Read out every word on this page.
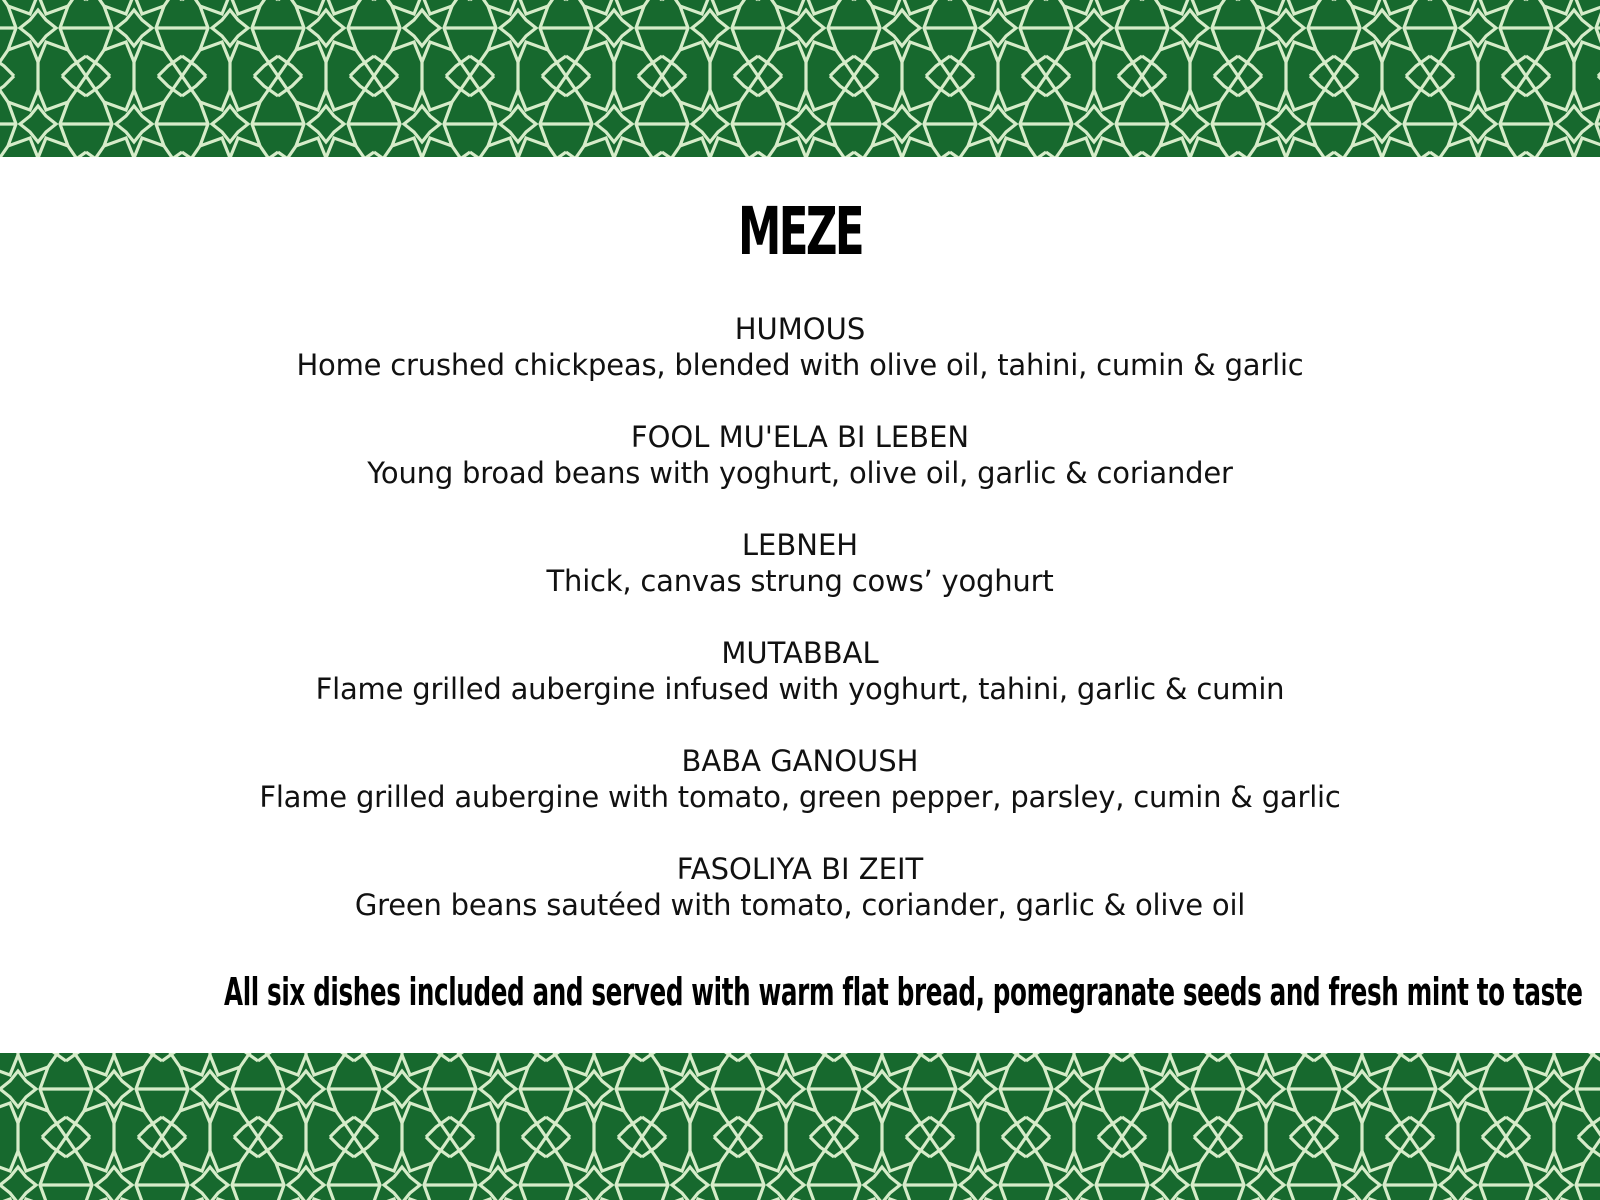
MEZE
HUMOUS
Home crushed chickpeas, blended with olive oil, tahini, cumin & garlic
FOOL MU'ELA BI LEBEN
Young broad beans with yoghurt, olive oil, garlic & coriander
LEBNEH
Thick, canvas strung cows’ yoghurt
MUTABBAL
Flame grilled aubergine infused with yoghurt, tahini, garlic & cumin
BABA GANOUSH
Flame grilled aubergine with tomato, green pepper, parsley, cumin & garlic
FASOLIYA BI ZEIT
Green beans sautéed with tomato, coriander, garlic & olive oil
All six dishes included and served with warm flat bread, pomegranate seeds and fresh mint to taste
